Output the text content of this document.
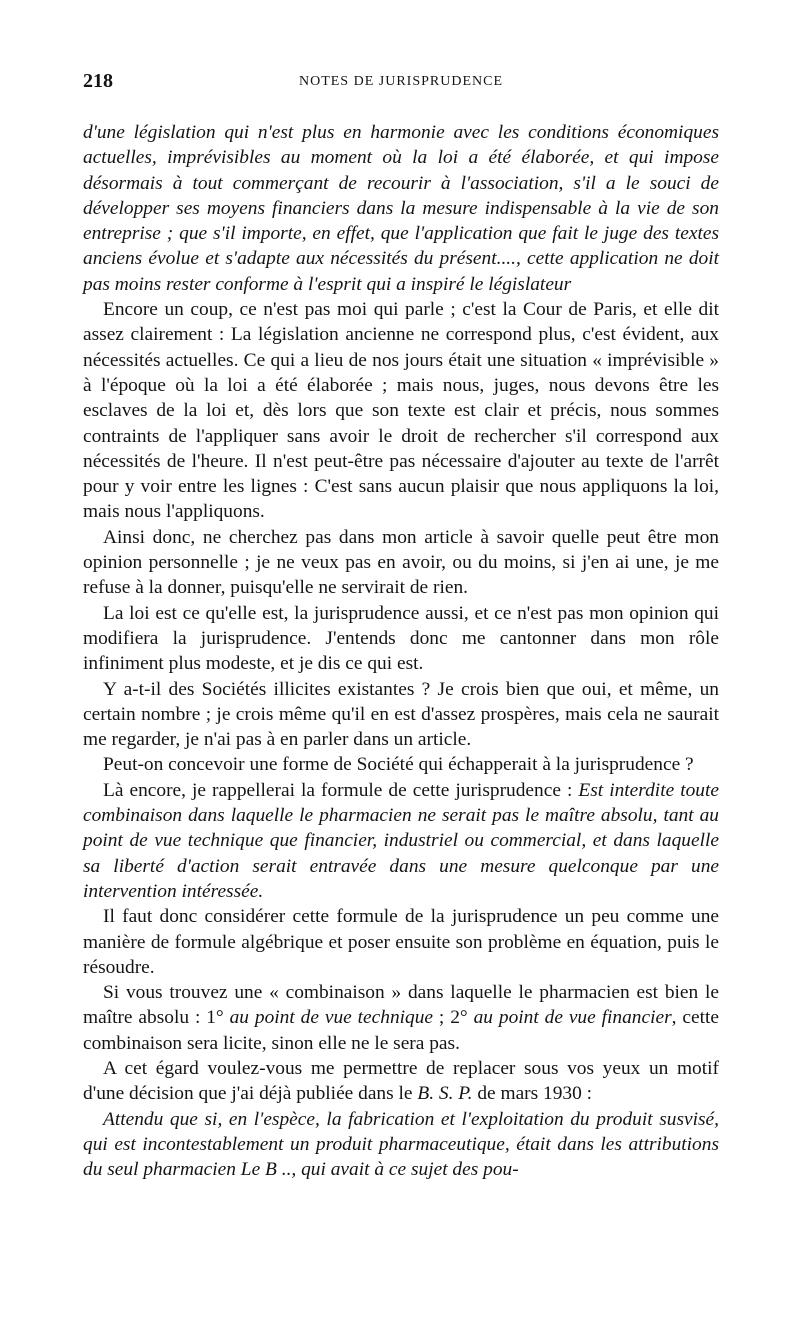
218	NOTES DE JURISPRUDENCE

d'une législation qui n'est plus en harmonie avec les conditions économiques actuelles, imprévisibles au moment où la loi a été élaborée, et qui impose désormais à tout commerçant de recourir à l'association, s'il a le souci de développer ses moyens financiers dans la mesure indispensable à la vie de son entreprise ; que s'il importe, en effet, que l'application que fait le juge des textes anciens évolue et s'adapte aux nécessités du présent...., cette application ne doit pas moins rester conforme à l'esprit qui a inspiré le législateur

Encore un coup, ce n'est pas moi qui parle ; c'est la Cour de Paris, et elle dit assez clairement : La législation ancienne ne correspond plus, c'est évident, aux nécessités actuelles. Ce qui a lieu de nos jours était une situation « imprévisible » à l'époque où la loi a été élaborée ; mais nous, juges, nous devons être les esclaves de la loi et, dès lors que son texte est clair et précis, nous sommes contraints de l'appliquer sans avoir le droit de rechercher s'il correspond aux nécessités de l'heure. Il n'est peut-être pas nécessaire d'ajouter au texte de l'arrêt pour y voir entre les lignes : C'est sans aucun plaisir que nous appliquons la loi, mais nous l'appliquons.

Ainsi donc, ne cherchez pas dans mon article à savoir quelle peut être mon opinion personnelle ; je ne veux pas en avoir, ou du moins, si j'en ai une, je me refuse à la donner, puisqu'elle ne servirait de rien.

La loi est ce qu'elle est, la jurisprudence aussi, et ce n'est pas mon opinion qui modifiera la jurisprudence. J'entends donc me cantonner dans mon rôle infiniment plus modeste, et je dis ce qui est.

Y a-t-il des Sociétés illicites existantes ? Je crois bien que oui, et même, un certain nombre ; je crois même qu'il en est d'assez prospères, mais cela ne saurait me regarder, je n'ai pas à en parler dans un article.

Peut-on concevoir une forme de Société qui échapperait à la jurisprudence ?

Là encore, je rappellerai la formule de cette jurisprudence : Est interdite toute combinaison dans laquelle le pharmacien ne serait pas le maître absolu, tant au point de vue technique que financier, industriel ou commercial, et dans laquelle sa liberté d'action serait entravée dans une mesure quelconque par une intervention intéressée.

Il faut donc considérer cette formule de la jurisprudence un peu comme une manière de formule algébrique et poser ensuite son problème en équation, puis le résoudre.

Si vous trouvez une « combinaison » dans laquelle le pharmacien est bien le maître absolu : 1° au point de vue technique ; 2° au point de vue financier, cette combinaison sera licite, sinon elle ne le sera pas.

A cet égard voulez-vous me permettre de replacer sous vos yeux un motif d'une décision que j'ai déjà publiée dans le B. S. P. de mars 1930 :

Attendu que si, en l'espèce, la fabrication et l'exploitation du produit susvisé, qui est incontestablement un produit pharmaceutique, était dans les attributions du seul pharmacien Le B .., qui avait à ce sujet des pou-
